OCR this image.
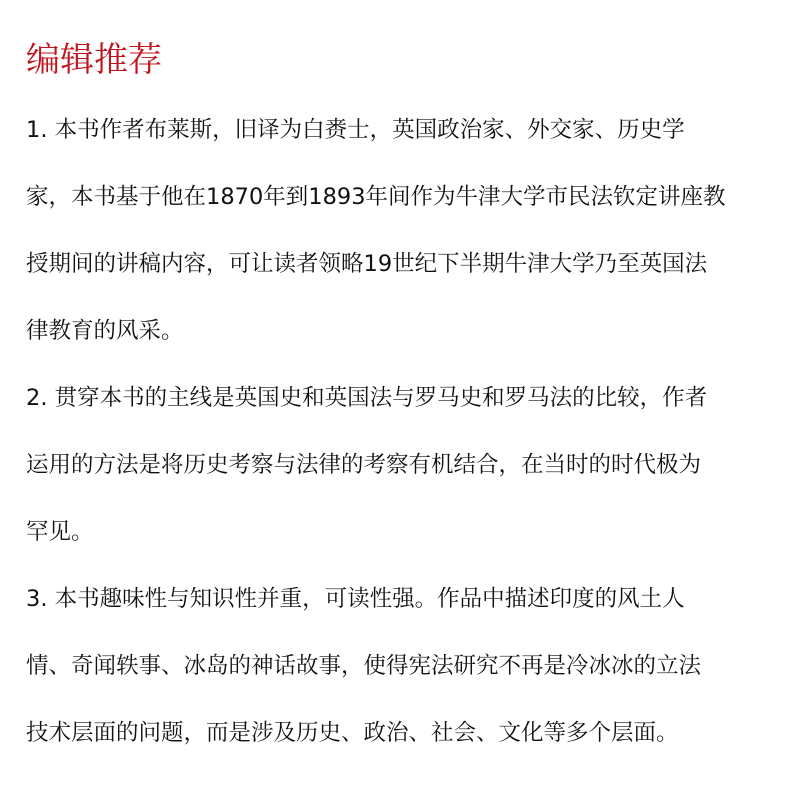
编辑推荐

1. 本书作者布莱斯，旧译为白赉士，英国政治家、外交家、历史学
家，本书基于他在1870年到1893年间作为牛津大学市民法钦定讲座教
授期间的讲稿内容，可让读者领略19世纪下半期牛津大学乃至英国法
律教育的风采。

2. 贯穿本书的主线是英国史和英国法与罗马史和罗马法的比较，作者
运用的方法是将历史考察与法律的考察有机结合，在当时的时代极为
罕见。

3. 本书趣味性与知识性并重，可读性强。作品中描述印度的风土人
情、奇闻轶事、冰岛的神话故事，使得宪法研究不再是冷冰冰的立法
技术层面的问题，而是涉及历史、政治、社会、文化等多个层面。
